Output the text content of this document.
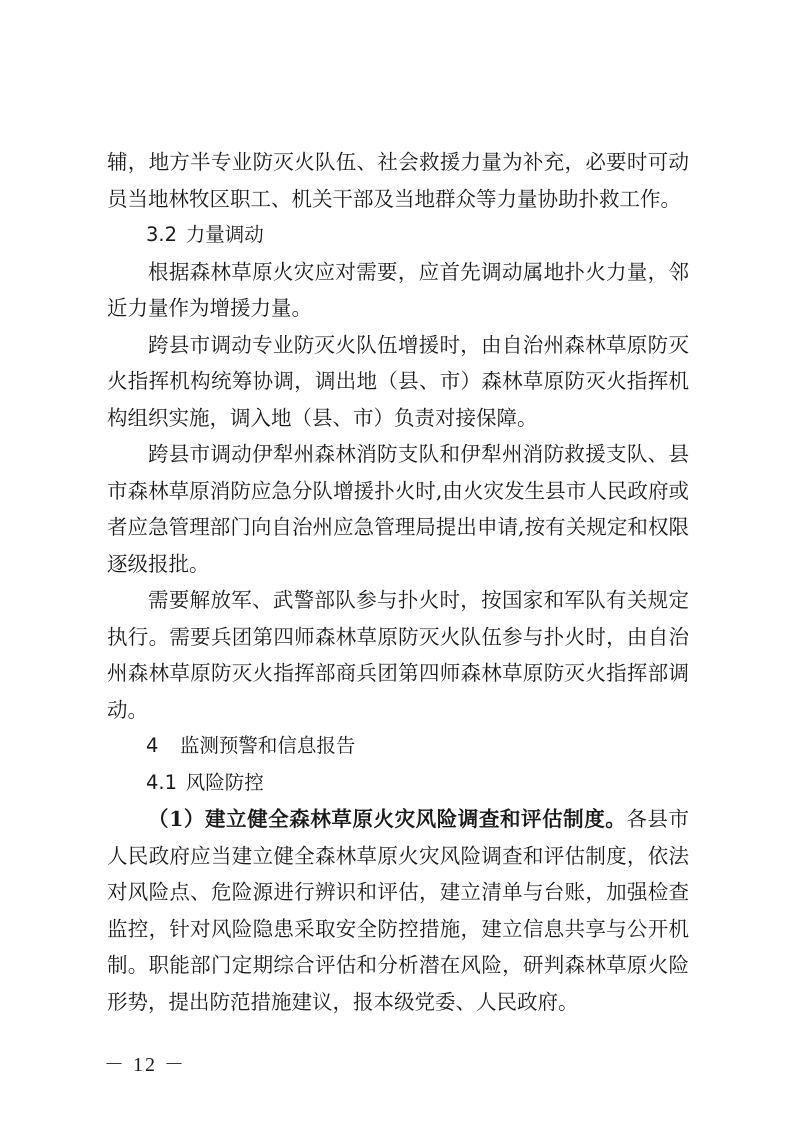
辅，地方半专业防灭火队伍、社会救援力量为补充，必要时可动员当地林牧区职工、机关干部及当地群众等力量协助扑救工作。

3.2 力量调动

根据森林草原火灾应对需要，应首先调动属地扑火力量，邻近力量作为增援力量。

跨县市调动专业防灭火队伍增援时，由自治州森林草原防灭火指挥机构统筹协调，调出地（县、市）森林草原防灭火指挥机构组织实施，调入地（县、市）负责对接保障。

跨县市调动伊犁州森林消防支队和伊犁州消防救援支队、县市森林草原消防应急分队增援扑火时,由火灾发生县市人民政府或者应急管理部门向自治州应急管理局提出申请,按有关规定和权限逐级报批。

需要解放军、武警部队参与扑火时，按国家和军队有关规定执行。需要兵团第四师森林草原防灭火队伍参与扑火时，由自治州森林草原防灭火指挥部商兵团第四师森林草原防灭火指挥部调动。

4 监测预警和信息报告

4.1 风险防控

（1）建立健全森林草原火灾风险调查和评估制度。各县市人民政府应当建立健全森林草原火灾风险调查和评估制度，依法对风险点、危险源进行辨识和评估，建立清单与台账，加强检查监控，针对风险隐患采取安全防控措施，建立信息共享与公开机制。职能部门定期综合评估和分析潜在风险，研判森林草原火险形势，提出防范措施建议，报本级党委、人民政府。

－ 12 －
